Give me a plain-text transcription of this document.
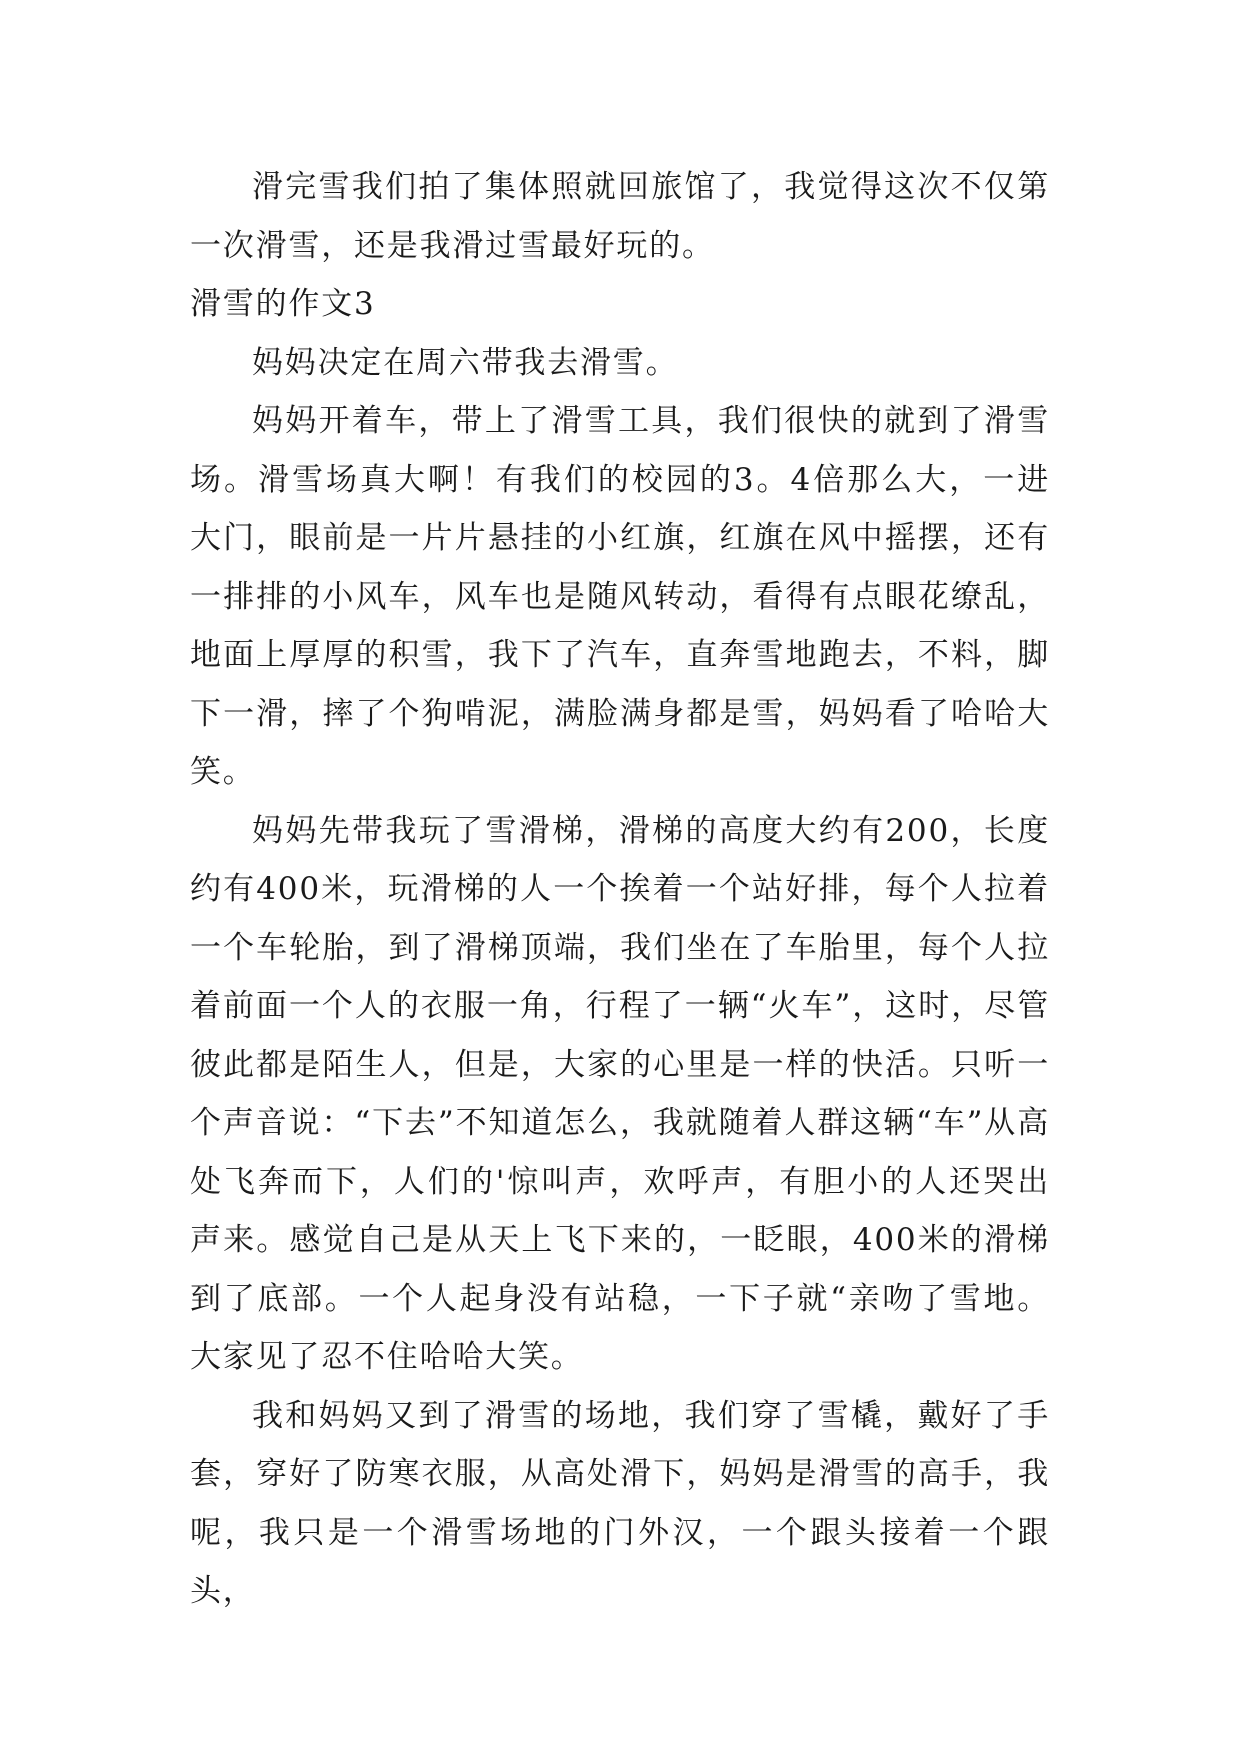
滑完雪我们拍了集体照就回旅馆了，我觉得这次不仅第一次滑雪，还是我滑过雪最好玩的。

滑雪的作文3

妈妈决定在周六带我去滑雪。

妈妈开着车，带上了滑雪工具，我们很快的就到了滑雪场。滑雪场真大啊！有我们的校园的3。4倍那么大，一进大门，眼前是一片片悬挂的小红旗，红旗在风中摇摆，还有一排排的小风车，风车也是随风转动，看得有点眼花缭乱，地面上厚厚的积雪，我下了汽车，直奔雪地跑去，不料，脚下一滑，摔了个狗啃泥，满脸满身都是雪，妈妈看了哈哈大笑。

妈妈先带我玩了雪滑梯，滑梯的高度大约有200，长度约有400米，玩滑梯的人一个挨着一个站好排，每个人拉着一个车轮胎，到了滑梯顶端，我们坐在了车胎里，每个人拉着前面一个人的衣服一角，行程了一辆“火车”，这时，尽管彼此都是陌生人，但是，大家的心里是一样的快活。只听一个声音说：“下去”不知道怎么，我就随着人群这辆“车”从高处飞奔而下，人们的'惊叫声，欢呼声，有胆小的人还哭出声来。感觉自己是从天上飞下来的，一眨眼，400米的滑梯到了底部。一个人起身没有站稳，一下子就“亲吻了雪地。大家见了忍不住哈哈大笑。

我和妈妈又到了滑雪的场地，我们穿了雪橇，戴好了手套，穿好了防寒衣服，从高处滑下，妈妈是滑雪的高手，我呢，我只是一个滑雪场地的门外汉，一个跟头接着一个跟头，
